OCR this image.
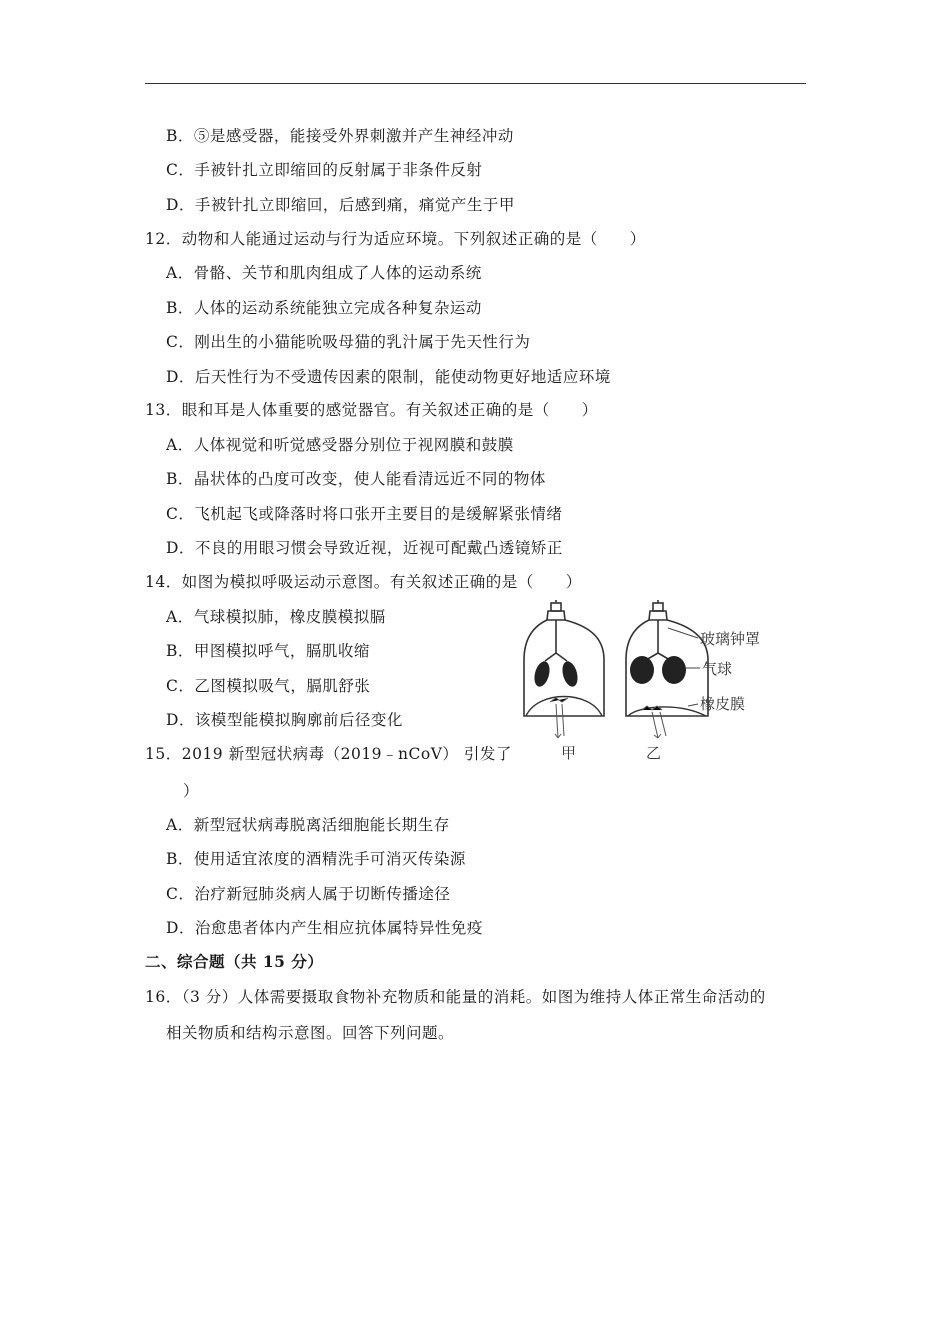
B．⑤是感受器，能接受外界刺激并产生神经冲动
C．手被针扎立即缩回的反射属于非条件反射
D．手被针扎立即缩回，后感到痛，痛觉产生于甲
12．动物和人能通过运动与行为适应环境。下列叙述正确的是（　　）
A．骨骼、关节和肌肉组成了人体的运动系统
B．人体的运动系统能独立完成各种复杂运动
C．刚出生的小猫能吮吸母猫的乳汁属于先天性行为
D．后天性行为不受遗传因素的限制，能使动物更好地适应环境
13．眼和耳是人体重要的感觉器官。有关叙述正确的是（　　）
A．人体视觉和听觉感受器分别位于视网膜和鼓膜
B．晶状体的凸度可改变，使人能看清远近不同的物体
C．飞机起飞或降落时将口张开主要目的是缓解紧张情绪
D．不良的用眼习惯会导致近视，近视可配戴凸透镜矫正
14．如图为模拟呼吸运动示意图。有关叙述正确的是（　　）
A．气球模拟肺，橡皮膜模拟膈
B．甲图模拟呼气，膈肌收缩
C．乙图模拟吸气，膈肌舒张
D．该模型能模拟胸廓前后径变化
15．2019 新型冠状病毒（2019﹣nCoV） 引发了
）
A．新型冠状病毒脱离活细胞能长期生存
B．使用适宜浓度的酒精洗手可消灭传染源
C．治疗新冠肺炎病人属于切断传播途径
D．治愈患者体内产生相应抗体属特异性免疫
二、综合题（共 15 分）
16．（3 分）人体需要摄取食物补充物质和能量的消耗。如图为维持人体正常生命活动的
相关物质和结构示意图。回答下列问题。
玻璃钟罩
气球
橡皮膜
甲	乙
